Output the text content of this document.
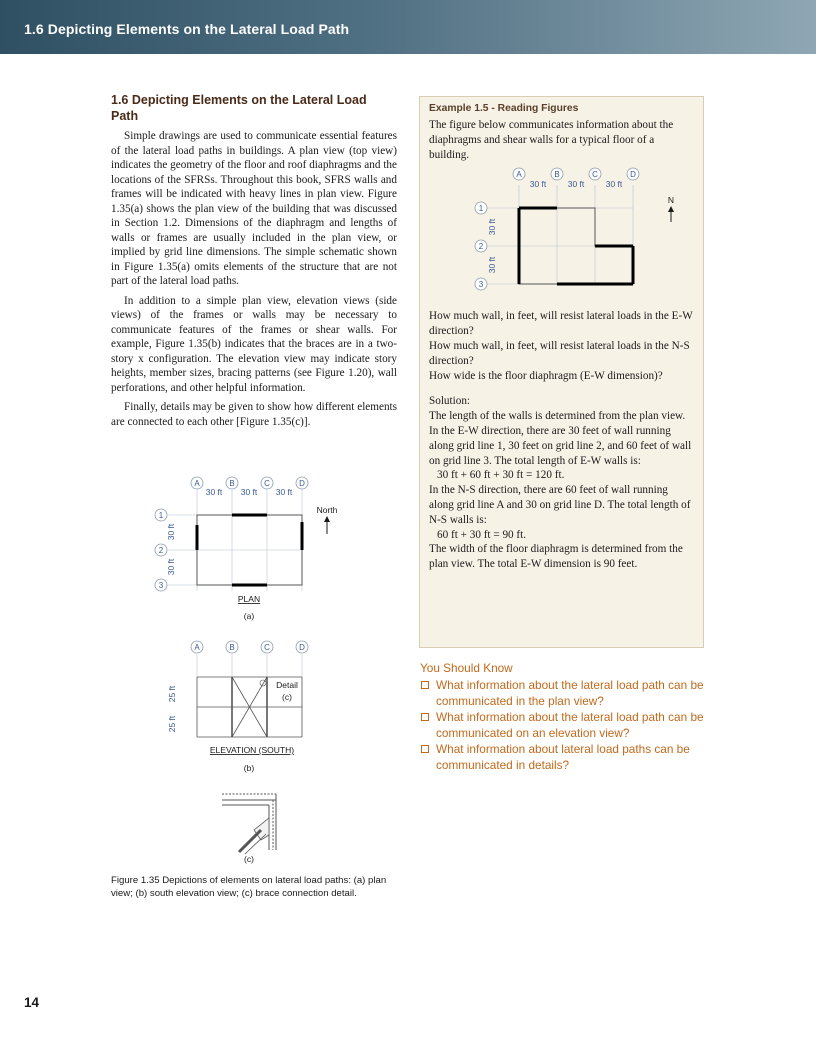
1.6 Depicting Elements on the Lateral Load Path
1.6 Depicting Elements on the Lateral Load Path

Simple drawings are used to communicate essential features of the lateral load paths in buildings. A plan view (top view) indicates the geometry of the floor and roof diaphragms and the locations of the SFRSs. Throughout this book, SFRS walls and frames will be indicated with heavy lines in plan view. Figure 1.35(a) shows the plan view of the building that was discussed in Section 1.2. Dimensions of the diaphragm and lengths of walls or frames are usually included in the plan view, or implied by grid line dimensions. The simple schematic shown in Figure 1.35(a) omits elements of the structure that are not part of the lateral load paths.

In addition to a simple plan view, elevation views (side views) of the frames or walls may be necessary to communicate features of the frames or shear walls. For example, Figure 1.35(b) indicates that the braces are in a two-story x configuration. The elevation view may indicate story heights, member sizes, bracing patterns (see Figure 1.20), wall perforations, and other helpful information.

Finally, details may be given to show how different elements are connected to each other [Figure 1.35(c)].

A	B	C	D
1
2
3
30 ft 30 ft 30 ft
30 ft
30 ft
North
PLAN
(a)
A	B	C	D
25 ft
25 ft
Detail
(c)
ELEVATION (SOUTH)
(b)
(c)
Figure 1.35 Depictions of elements on lateral load paths: (a) plan view; (b) south elevation view; (c) brace connection detail.
Example 1.5 - Reading Figures

The figure below communicates information about the diaphragms and shear walls for a typical floor of a building.

A	B	C	D
1
2
3
30 ft	30 ft	30 ft
30 ft
30 ft
N

How much wall, in feet, will resist lateral loads in the E-W direction?

How much wall, in feet, will resist lateral loads in the N-S direction?

How wide is the floor diaphragm (E-W dimension)?

Solution:

The length of the walls is determined from the plan view. In the E-W direction, there are 30 feet of wall running along grid line 1, 30 feet on grid line 2, and 60 feet of wall on grid line 3. The total length of E-W walls is:

30 ft + 60 ft + 30 ft = 120 ft.

In the N-S direction, there are 60 feet of wall running along grid line A and 30 on grid line D. The total length of N-S walls is:

60 ft + 30 ft = 90 ft.

The width of the floor diaphragm is determined from the plan view. The total E-W dimension is 90 feet.

You Should Know
What information about the lateral load path can be communicated in the plan view?
What information about the lateral load path can be communicated on an elevation view?
What information about lateral load paths can be communicated in details?
14
